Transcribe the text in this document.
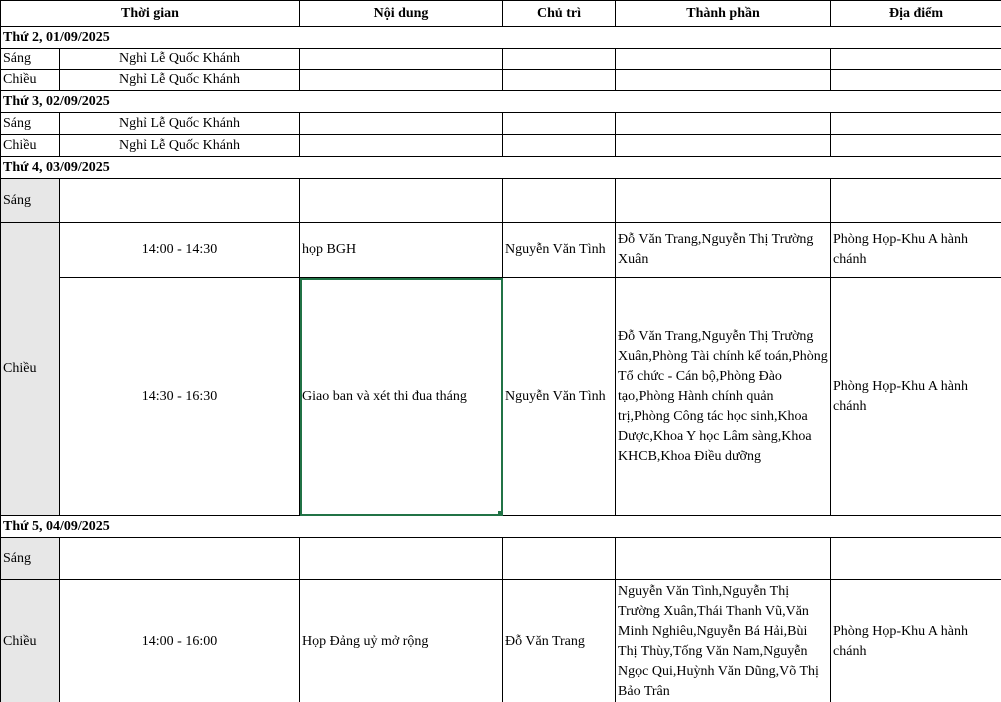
Thời gian		Nội dung	Chủ trì	Thành phần	Địa điểm
Thứ 2, 01/09/2025					
Sáng	Nghỉ Lễ Quốc Khánh				
Chiều	Nghỉ Lễ Quốc Khánh				
Thứ 3, 02/09/2025					
Sáng	Nghỉ Lễ Quốc Khánh				
Chiều	Nghỉ Lễ Quốc Khánh				
Thứ 4, 03/09/2025					
Sáng					
Chiều	14:00 - 14:30	họp BGH	Nguyễn Văn Tình	Đỗ Văn Trang,Nguyễn Thị Trường Xuân	Phòng Họp-Khu A hành chánh
	14:30 - 16:30	Giao ban và xét thi đua tháng	Nguyễn Văn Tình	Đỗ Văn Trang,Nguyễn Thị Trường Xuân,Phòng Tài chính kế toán,Phòng Tổ chức - Cán bộ,Phòng Đào tạo,Phòng Hành chính quản trị,Phòng Công tác học sinh,Khoa Dược,Khoa Y học Lâm sàng,Khoa KHCB,Khoa Điều dưỡng	Phòng Họp-Khu A hành chánh
Thứ 5, 04/09/2025					
Sáng					
Chiều	14:00 - 16:00	Họp Đảng uỷ mở rộng	Đỗ Văn Trang	Nguyễn Văn Tình,Nguyễn Thị Trường Xuân,Thái Thanh Vũ,Văn Minh Nghiêu,Nguyễn Bá Hải,Bùi Thị Thùy,Tống Văn Nam,Nguyễn Ngọc Qui,Huỳnh Văn Dũng,Võ Thị Bảo Trân	Phòng Họp-Khu A hành chánh
